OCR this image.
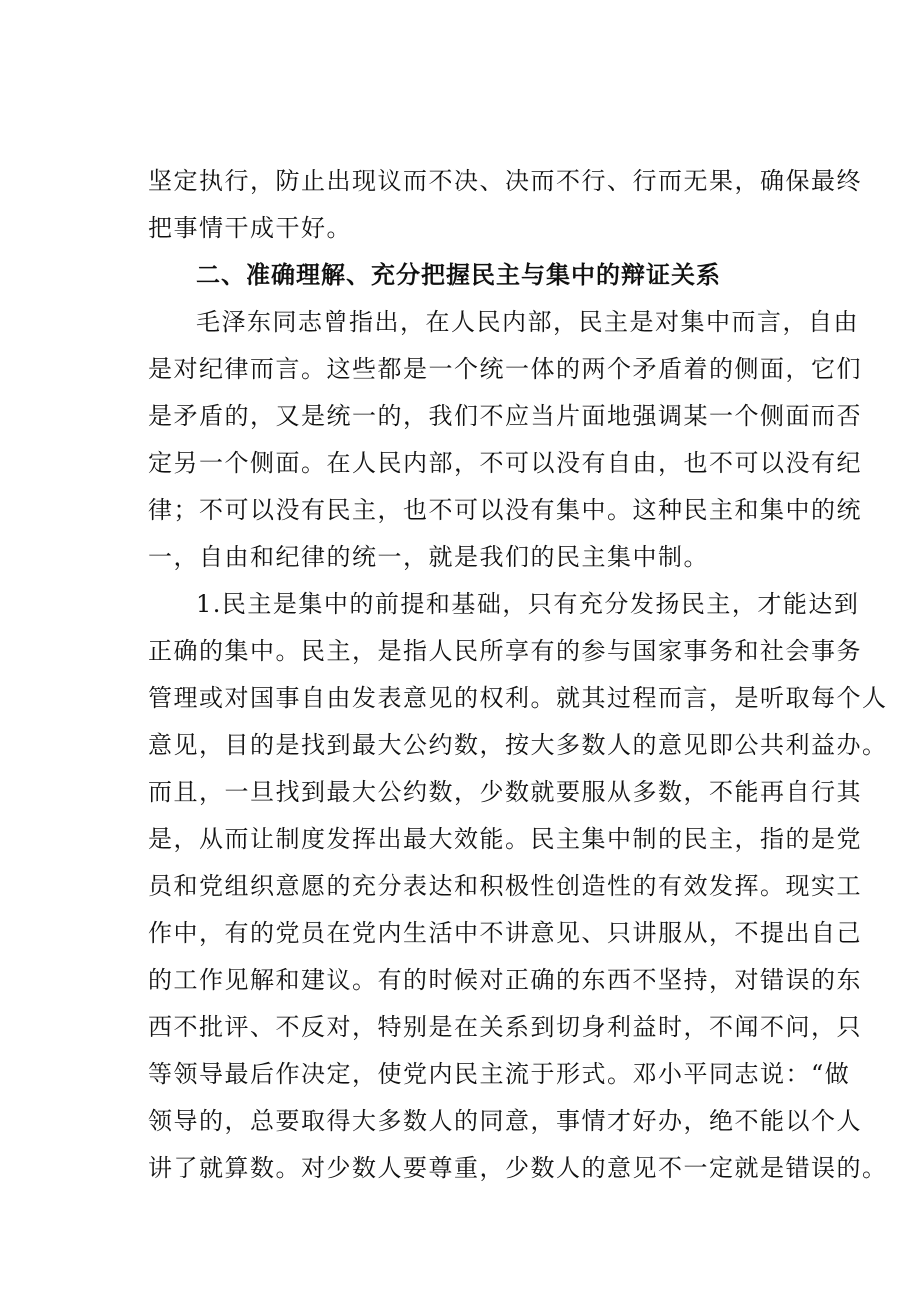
坚定执行，防止出现议而不决、决而不行、行而无果，确保最终
把事情干成干好。
二、准确理解、充分把握民主与集中的辩证关系
毛泽东同志曾指出，在人民内部，民主是对集中而言，自由
是对纪律而言。这些都是一个统一体的两个矛盾着的侧面，它们
是矛盾的，又是统一的，我们不应当片面地强调某一个侧面而否
定另一个侧面。在人民内部，不可以没有自由，也不可以没有纪
律；不可以没有民主，也不可以没有集中。这种民主和集中的统
一，自由和纪律的统一，就是我们的民主集中制。
1.民主是集中的前提和基础，只有充分发扬民主，才能达到
正确的集中。民主，是指人民所享有的参与国家事务和社会事务
管理或对国事自由发表意见的权利。就其过程而言，是听取每个人
意见，目的是找到最大公约数，按大多数人的意见即公共利益办。
而且，一旦找到最大公约数，少数就要服从多数，不能再自行其
是，从而让制度发挥出最大效能。民主集中制的民主，指的是党
员和党组织意愿的充分表达和积极性创造性的有效发挥。现实工
作中，有的党员在党内生活中不讲意见、只讲服从，不提出自己
的工作见解和建议。有的时候对正确的东西不坚持，对错误的东
西不批评、不反对，特别是在关系到切身利益时，不闻不问，只
等领导最后作决定，使党内民主流于形式。邓小平同志说：“做
领导的，总要取得大多数人的同意，事情才好办，绝不能以个人
讲了就算数。对少数人要尊重，少数人的意见不一定就是错误的。
